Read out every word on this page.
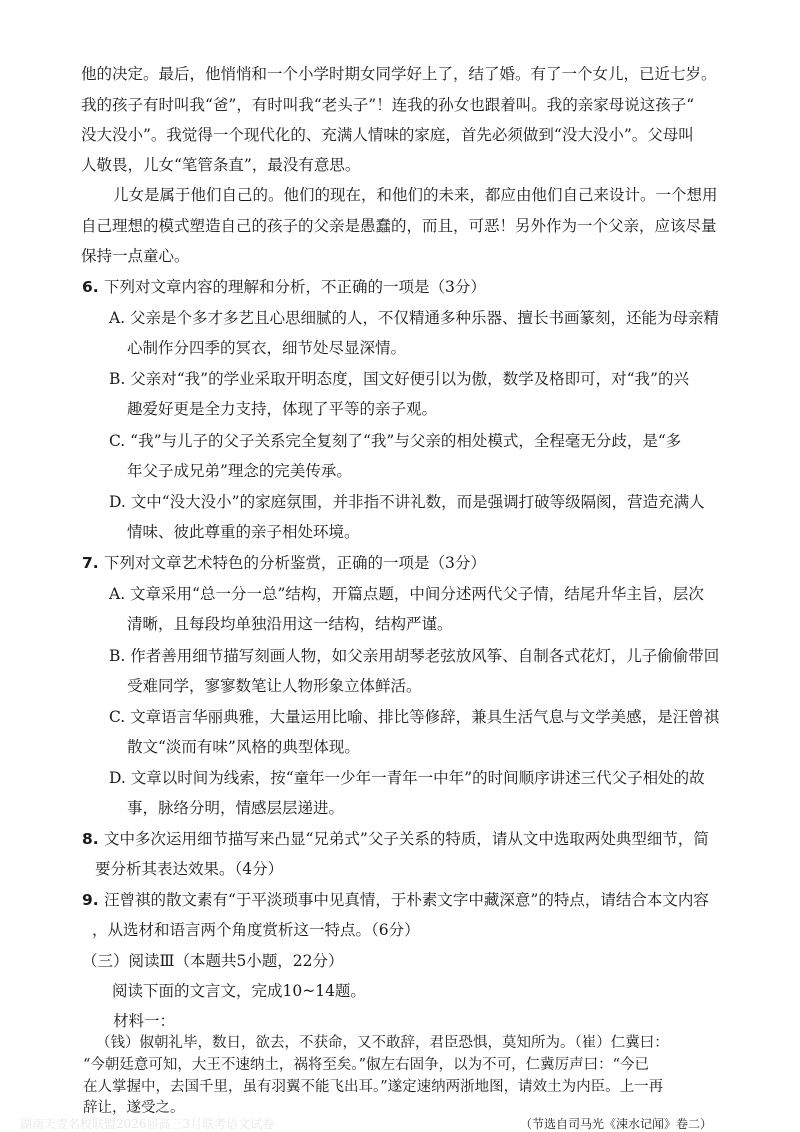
他的决定。最后，他悄悄和一个小学时期女同学好上了，结了婚。有了一个女儿，已近七岁。

我的孩子有时叫我“爸”，有时叫我“老头子”！连我的孙女也跟着叫。我的亲家母说这孩子“

没大没小”。我觉得一个现代化的、充满人情味的家庭，首先必须做到“没大没小”。父母叫

人敬畏，儿女“笔管条直”，最没有意思。

儿女是属于他们自己的。他们的现在，和他们的未来，都应由他们自己来设计。一个想用

自己理想的模式塑造自己的孩子的父亲是愚蠢的，而且，可恶！另外作为一个父亲，应该尽量

保持一点童心。

6. 下列对文章内容的理解和分析，不正确的一项是（3分）

A. 父亲是个多才多艺且心思细腻的人，不仅精通多种乐器、擅长书画篆刻，还能为母亲精

心制作分四季的冥衣，细节处尽显深情。

B. 父亲对“我”的学业采取开明态度，国文好便引以为傲，数学及格即可，对“我”的兴

趣爱好更是全力支持，体现了平等的亲子观。

C. “我”与儿子的父子关系完全复刻了“我”与父亲的相处模式，全程毫无分歧，是“多

年父子成兄弟”理念的完美传承。

D. 文中“没大没小”的家庭氛围，并非指不讲礼数，而是强调打破等级隔阂，营造充满人

情味、彼此尊重的亲子相处环境。

7. 下列对文章艺术特色的分析鉴赏，正确的一项是（3分）

A. 文章采用“总一分一总”结构，开篇点题，中间分述两代父子情，结尾升华主旨，层次

清晰，且每段均单独沿用这一结构，结构严谨。

B. 作者善用细节描写刻画人物，如父亲用胡琴老弦放风筝、自制各式花灯，儿子偷偷带回

受难同学，寥寥数笔让人物形象立体鲜活。

C. 文章语言华丽典雅，大量运用比喻、排比等修辞，兼具生活气息与文学美感，是汪曾祺

散文“淡而有味”风格的典型体现。

D. 文章以时间为线索，按“童年一少年一青年一中年”的时间顺序讲述三代父子相处的故

事，脉络分明，情感层层递进。

8. 文中多次运用细节描写来凸显“兄弟式”父子关系的特质，请从文中选取两处典型细节，简

要分析其表达效果。（4分）

9. 汪曾祺的散文素有“于平淡琐事中见真情，于朴素文字中藏深意”的特点，请结合本文内容

，从选材和语言两个角度赏析这一特点。（6分）

（三）阅读Ⅲ（本题共5小题，22分）

阅读下面的文言文，完成10~14题。

材料一：

（钱）俶朝礼毕，数日，欲去，不获命，又不敢辞，君臣恐惧，莫知所为。（崔）仁冀曰：

“今朝廷意可知，大王不速纳土，祸将至矣。”俶左右固争，以为不可，仁冀厉声曰：“今已

在人掌握中，去国千里，虽有羽翼不能飞出耳。”遂定速纳两浙地图，请效土为内臣。上一再

辞让，遂受之。

（节选自司马光《涑水记闻》卷二）

湖南天壹名校联盟2026届高三3月联考语文试卷
